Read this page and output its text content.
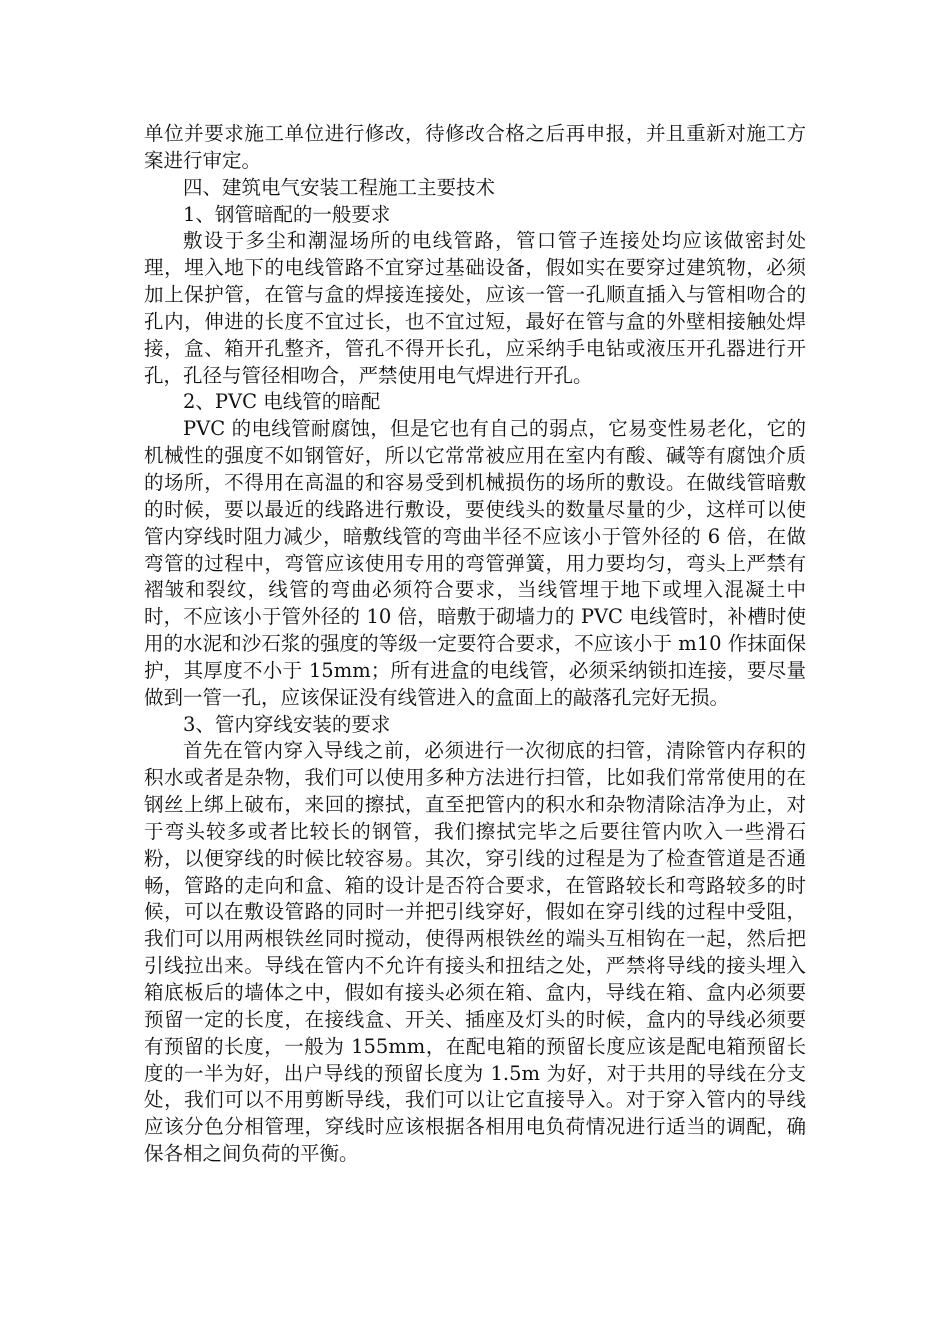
单位并要求施工单位进行修改，待修改合格之后再申报，并且重新对施工方案进行审定。

四、建筑电气安装工程施工主要技术

1、钢管暗配的一般要求

敷设于多尘和潮湿场所的电线管路，管口管子连接处均应该做密封处理，埋入地下的电线管路不宜穿过基础设备，假如实在要穿过建筑物，必须加上保护管，在管与盒的焊接连接处，应该一管一孔顺直插入与管相吻合的孔内，伸进的长度不宜过长，也不宜过短，最好在管与盒的外壁相接触处焊接，盒、箱开孔整齐，管孔不得开长孔，应采纳手电钻或液压开孔器进行开孔，孔径与管径相吻合，严禁使用电气焊进行开孔。

2、PVC 电线管的暗配

PVC 的电线管耐腐蚀，但是它也有自己的弱点，它易变性易老化，它的机械性的强度不如钢管好，所以它常常被应用在室内有酸、碱等有腐蚀介质的场所，不得用在高温的和容易受到机械损伤的场所的敷设。在做线管暗敷的时候，要以最近的线路进行敷设，要使线头的数量尽量的少，这样可以使管内穿线时阻力减少，暗敷线管的弯曲半径不应该小于管外径的 6 倍，在做弯管的过程中，弯管应该使用专用的弯管弹簧，用力要均匀，弯头上严禁有褶皱和裂纹，线管的弯曲必须符合要求，当线管埋于地下或埋入混凝土中时，不应该小于管外径的 10 倍，暗敷于砌墙力的 PVC 电线管时，补槽时使用的水泥和沙石浆的强度的等级一定要符合要求，不应该小于 m10 作抹面保护，其厚度不小于 15mm；所有进盒的电线管，必须采纳锁扣连接，要尽量做到一管一孔，应该保证没有线管进入的盒面上的敲落孔完好无损。

3、管内穿线安装的要求

首先在管内穿入导线之前，必须进行一次彻底的扫管，清除管内存积的积水或者是杂物，我们可以使用多种方法进行扫管，比如我们常常使用的在钢丝上绑上破布，来回的擦拭，直至把管内的积水和杂物清除洁净为止，对于弯头较多或者比较长的钢管，我们擦拭完毕之后要往管内吹入一些滑石粉，以便穿线的时候比较容易。其次，穿引线的过程是为了检查管道是否通畅，管路的走向和盒、箱的设计是否符合要求，在管路较长和弯路较多的时候，可以在敷设管路的同时一并把引线穿好，假如在穿引线的过程中受阻，我们可以用两根铁丝同时搅动，使得两根铁丝的端头互相钩在一起，然后把引线拉出来。导线在管内不允许有接头和扭结之处，严禁将导线的接头埋入箱底板后的墙体之中，假如有接头必须在箱、盒内，导线在箱、盒内必须要预留一定的长度，在接线盒、开关、插座及灯头的时候，盒内的导线必须要有预留的长度，一般为 155mm，在配电箱的预留长度应该是配电箱预留长度的一半为好，出户导线的预留长度为 1.5m 为好，对于共用的导线在分支处，我们可以不用剪断导线，我们可以让它直接导入。对于穿入管内的导线应该分色分相管理，穿线时应该根据各相用电负荷情况进行适当的调配，确保各相之间负荷的平衡。
